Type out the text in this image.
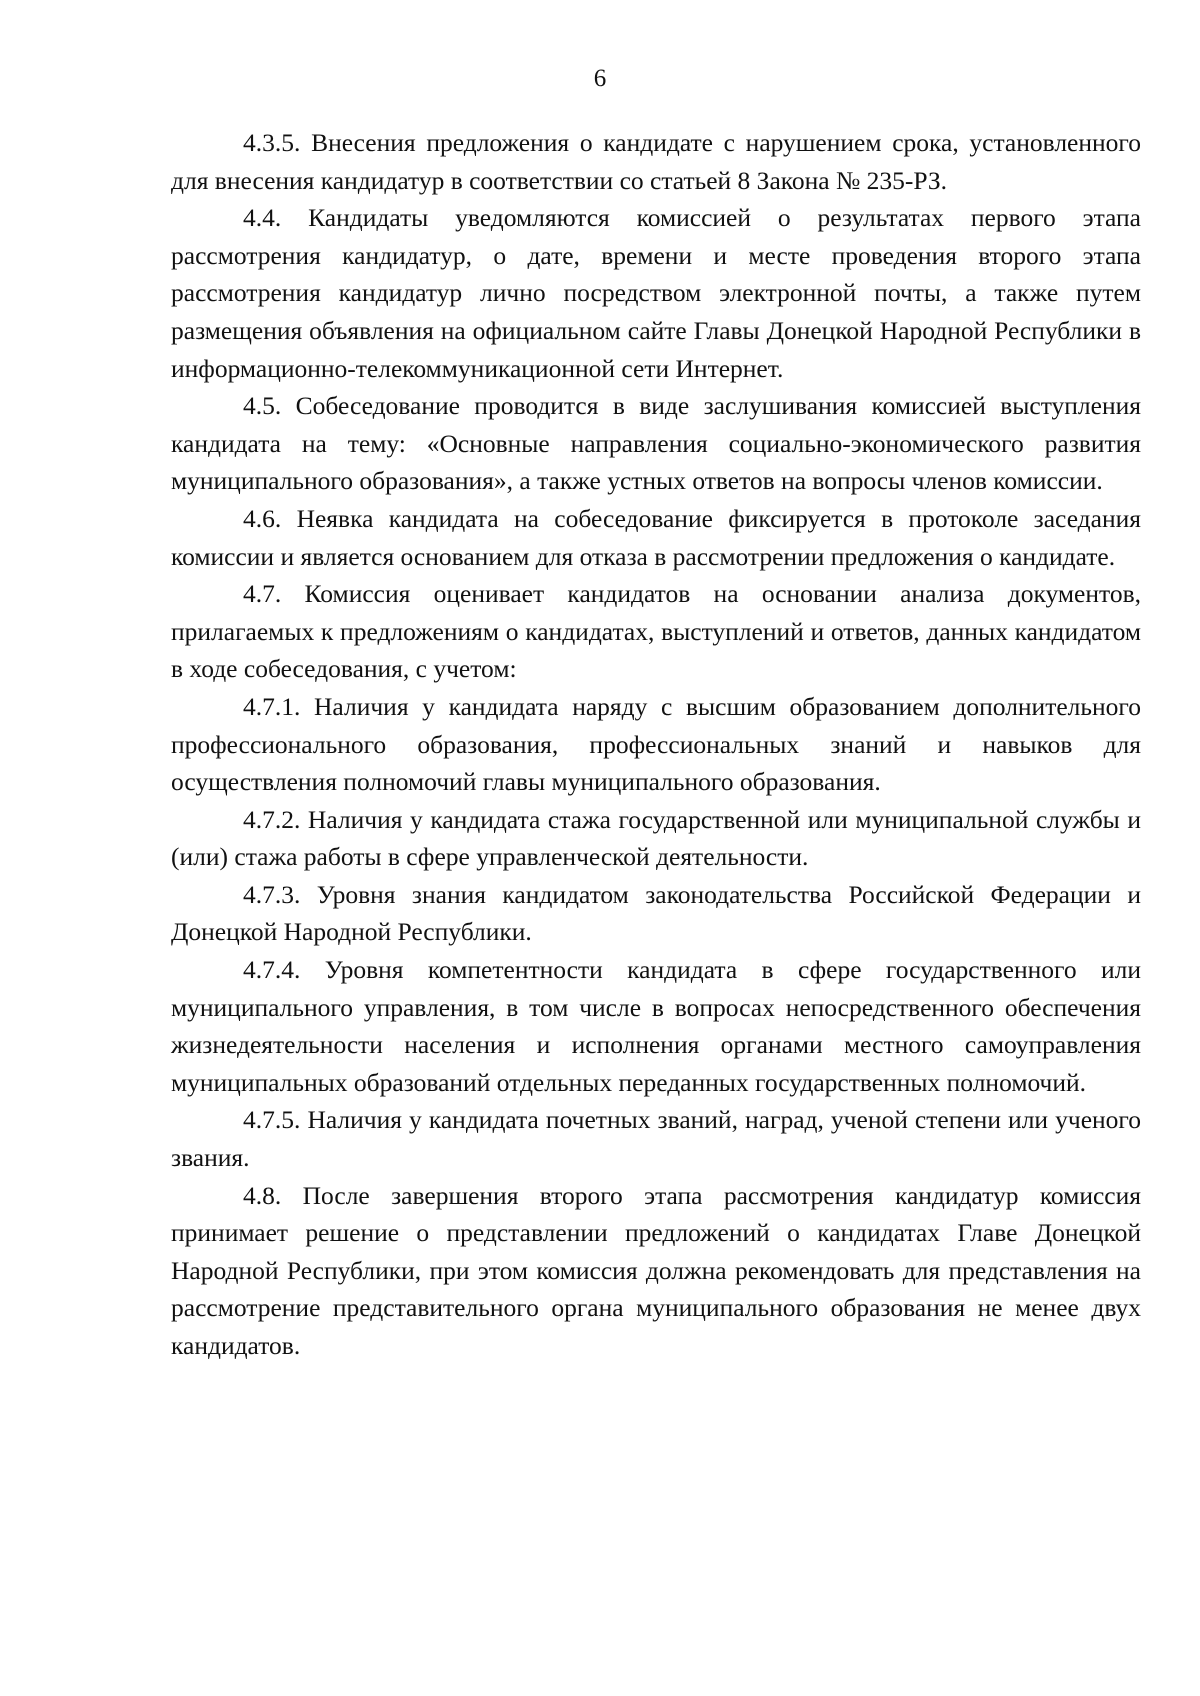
6

4.3.5. Внесения предложения о кандидате с нарушением срока, установленного для внесения кандидатур в соответствии со статьей 8 Закона № 235-РЗ.

4.4. Кандидаты уведомляются комиссией о результатах первого этапа рассмотрения кандидатур, о дате, времени и месте проведения второго этапа рассмотрения кандидатур лично посредством электронной почты, а также путем размещения объявления на официальном сайте Главы Донецкой Народной Республики в информационно-телекоммуникационной сети Интернет.

4.5. Собеседование проводится в виде заслушивания комиссией выступления кандидата на тему: «Основные направления социально-экономического развития муниципального образования», а также устных ответов на вопросы членов комиссии.

4.6. Неявка кандидата на собеседование фиксируется в протоколе заседания комиссии и является основанием для отказа в рассмотрении предложения о кандидате.

4.7. Комиссия оценивает кандидатов на основании анализа документов, прилагаемых к предложениям о кандидатах, выступлений и ответов, данных кандидатом в ходе собеседования, с учетом:

4.7.1. Наличия у кандидата наряду с высшим образованием дополнительного профессионального образования, профессиональных знаний и навыков для осуществления полномочий главы муниципального образования.

4.7.2. Наличия у кандидата стажа государственной или муниципальной службы и (или) стажа работы в сфере управленческой деятельности.

4.7.3. Уровня знания кандидатом законодательства Российской Федерации и Донецкой Народной Республики.

4.7.4. Уровня компетентности кандидата в сфере государственного или муниципального управления, в том числе в вопросах непосредственного обеспечения жизнедеятельности населения и исполнения органами местного самоуправления муниципальных образований отдельных переданных государственных полномочий.

4.7.5. Наличия у кандидата почетных званий, наград, ученой степени или ученого звания.

4.8. После завершения второго этапа рассмотрения кандидатур комиссия принимает решение о представлении предложений о кандидатах Главе Донецкой Народной Республики, при этом комиссия должна рекомендовать для представления на рассмотрение представительного органа муниципального образования не менее двух кандидатов.
